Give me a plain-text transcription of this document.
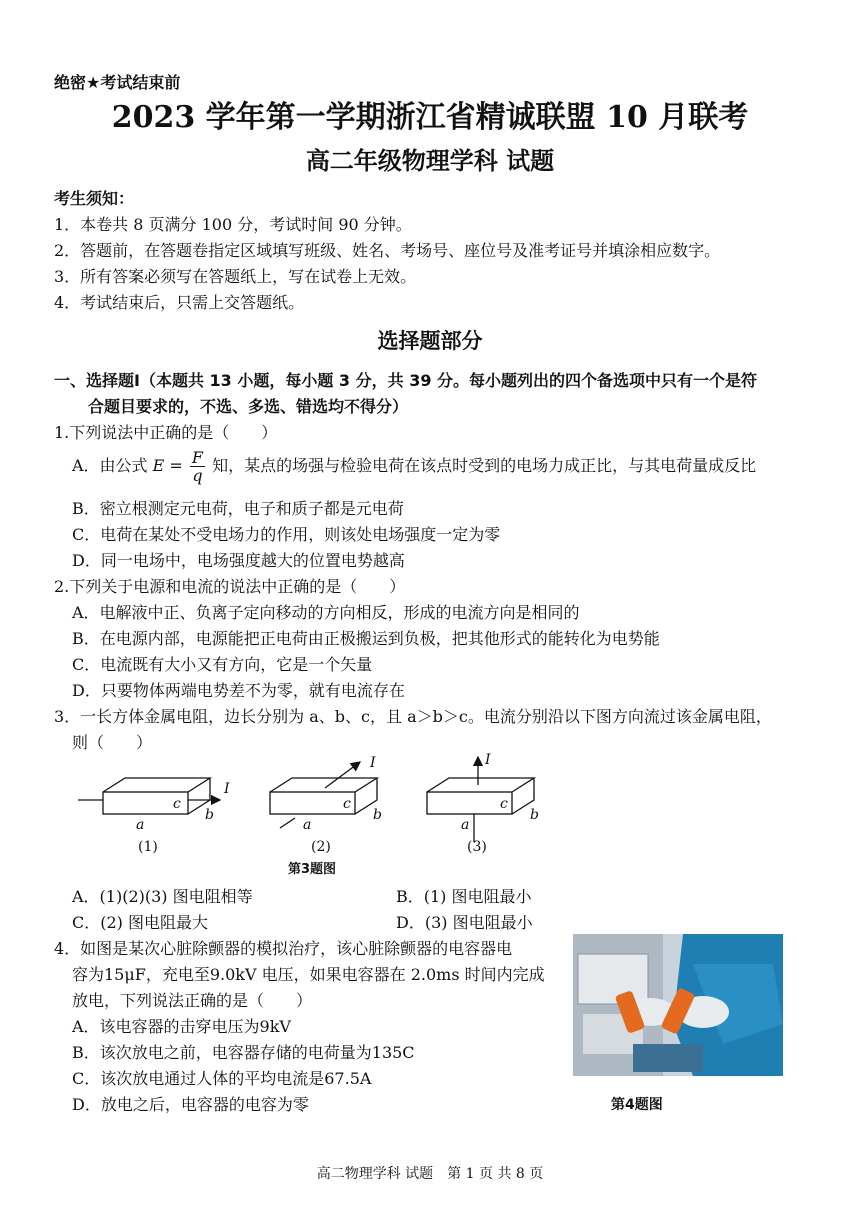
绝密★考试结束前
2023 学年第一学期浙江省精诚联盟 10 月联考
高二年级物理学科 试题
考生须知：
1．本卷共 8 页满分 100 分，考试时间 90 分钟。
2．答题前，在答题卷指定区域填写班级、姓名、考场号、座位号及准考证号并填涂相应数字。
3．所有答案必须写在答题纸上，写在试卷上无效。
4．考试结束后，只需上交答题纸。
选择题部分
一、选择题Ⅰ（本题共 13 小题，每小题 3 分，共 39 分。每小题列出的四个备选项中只有一个是符
合题目要求的，不选、多选、错选均不得分）
1.下列说法中正确的是（　　）
A．由公式 $E = \frac{F}{q}$ 知，某点的场强与检验电荷在该点时受到的电场力成正比，与其电荷量成反比
B．密立根测定元电荷，电子和质子都是元电荷
C．电荷在某处不受电场力的作用，则该处电场强度一定为零
D．同一电场中，电场强度越大的位置电势越高
2.下列关于电源和电流的说法中正确的是（　　）
A．电解液中正、负离子定向移动的方向相反，形成的电流方向是相同的
B．在电源内部，电源能把正电荷由正极搬运到负极，把其他形式的能转化为电势能
C．电流既有大小又有方向，它是一个矢量
D．只要物体两端电势差不为零，就有电流存在
3．一长方体金属电阻，边长分别为 a、b、c，且 a＞b＞c。电流分别沿以下图方向流过该金属电阻，
则（　　）
c
a
b
I
c
a
b
I
c
a
b
I
(1)	(2)	(3)
第3题图
A．(1)(2)(3) 图电阻相等	B．(1) 图电阻最小
C．(2) 图电阻最大	D．(3) 图电阻最小
4．如图是某次心脏除颤器的模拟治疗，该心脏除颤器的电容器电
容为15μF，充电至9.0kV 电压，如果电容器在 2.0ms 时间内完成
放电，下列说法正确的是（　　）
A．该电容器的击穿电压为9kV
B．该次放电之前，电容器存储的电荷量为135C
C．该次放电通过人体的平均电流是67.5A
D．放电之后，电容器的电容为零	第4题图
高二物理学科 试题　第 1 页 共 8 页
